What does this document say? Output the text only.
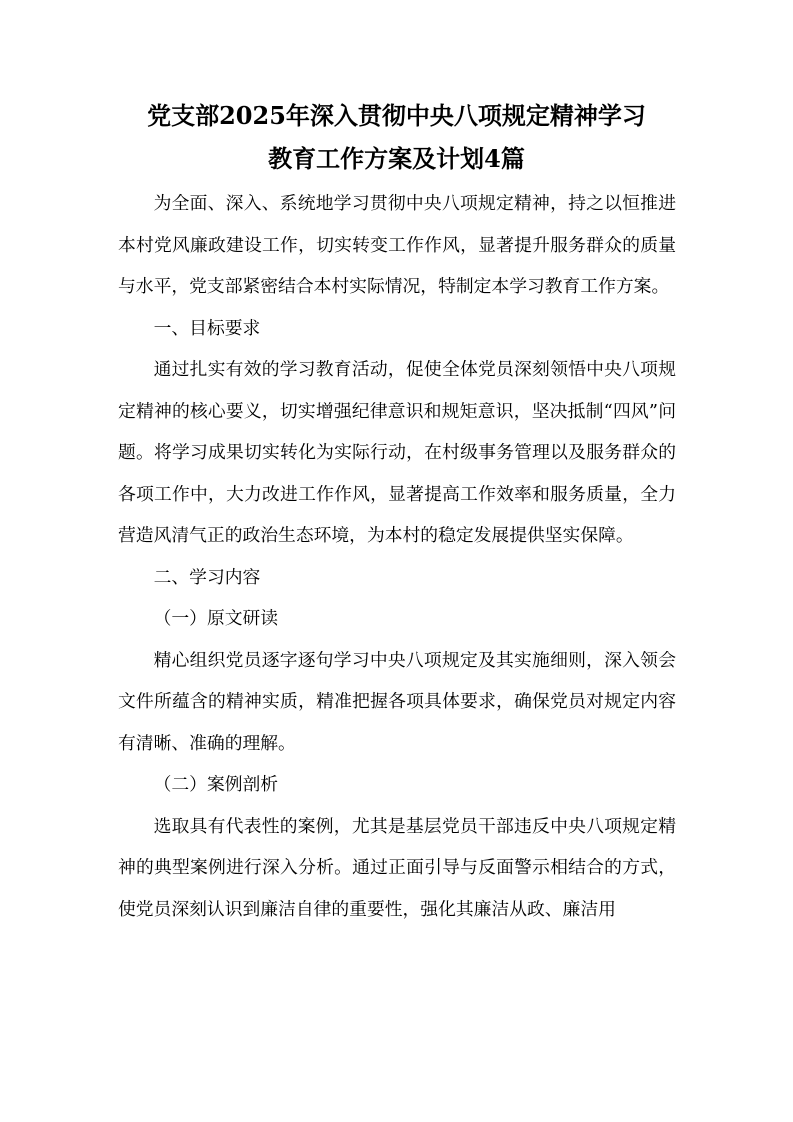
党支部2025年深入贯彻中央八项规定精神学习
教育工作方案及计划4篇

为全面、深入、系统地学习贯彻中央八项规定精神，持之以恒推进本村党风廉政建设工作，切实转变工作作风，显著提升服务群众的质量与水平，党支部紧密结合本村实际情况，特制定本学习教育工作方案。

一、目标要求

通过扎实有效的学习教育活动，促使全体党员深刻领悟中央八项规定精神的核心要义，切实增强纪律意识和规矩意识，坚决抵制“四风”问题。将学习成果切实转化为实际行动，在村级事务管理以及服务群众的各项工作中，大力改进工作作风，显著提高工作效率和服务质量，全力营造风清气正的政治生态环境，为本村的稳定发展提供坚实保障。

二、学习内容

（一）原文研读

精心组织党员逐字逐句学习中央八项规定及其实施细则，深入领会文件所蕴含的精神实质，精准把握各项具体要求，确保党员对规定内容有清晰、准确的理解。

（二）案例剖析

选取具有代表性的案例，尤其是基层党员干部违反中央八项规定精神的典型案例进行深入分析。通过正面引导与反面警示相结合的方式，使党员深刻认识到廉洁自律的重要性，强化其廉洁从政、廉洁用
